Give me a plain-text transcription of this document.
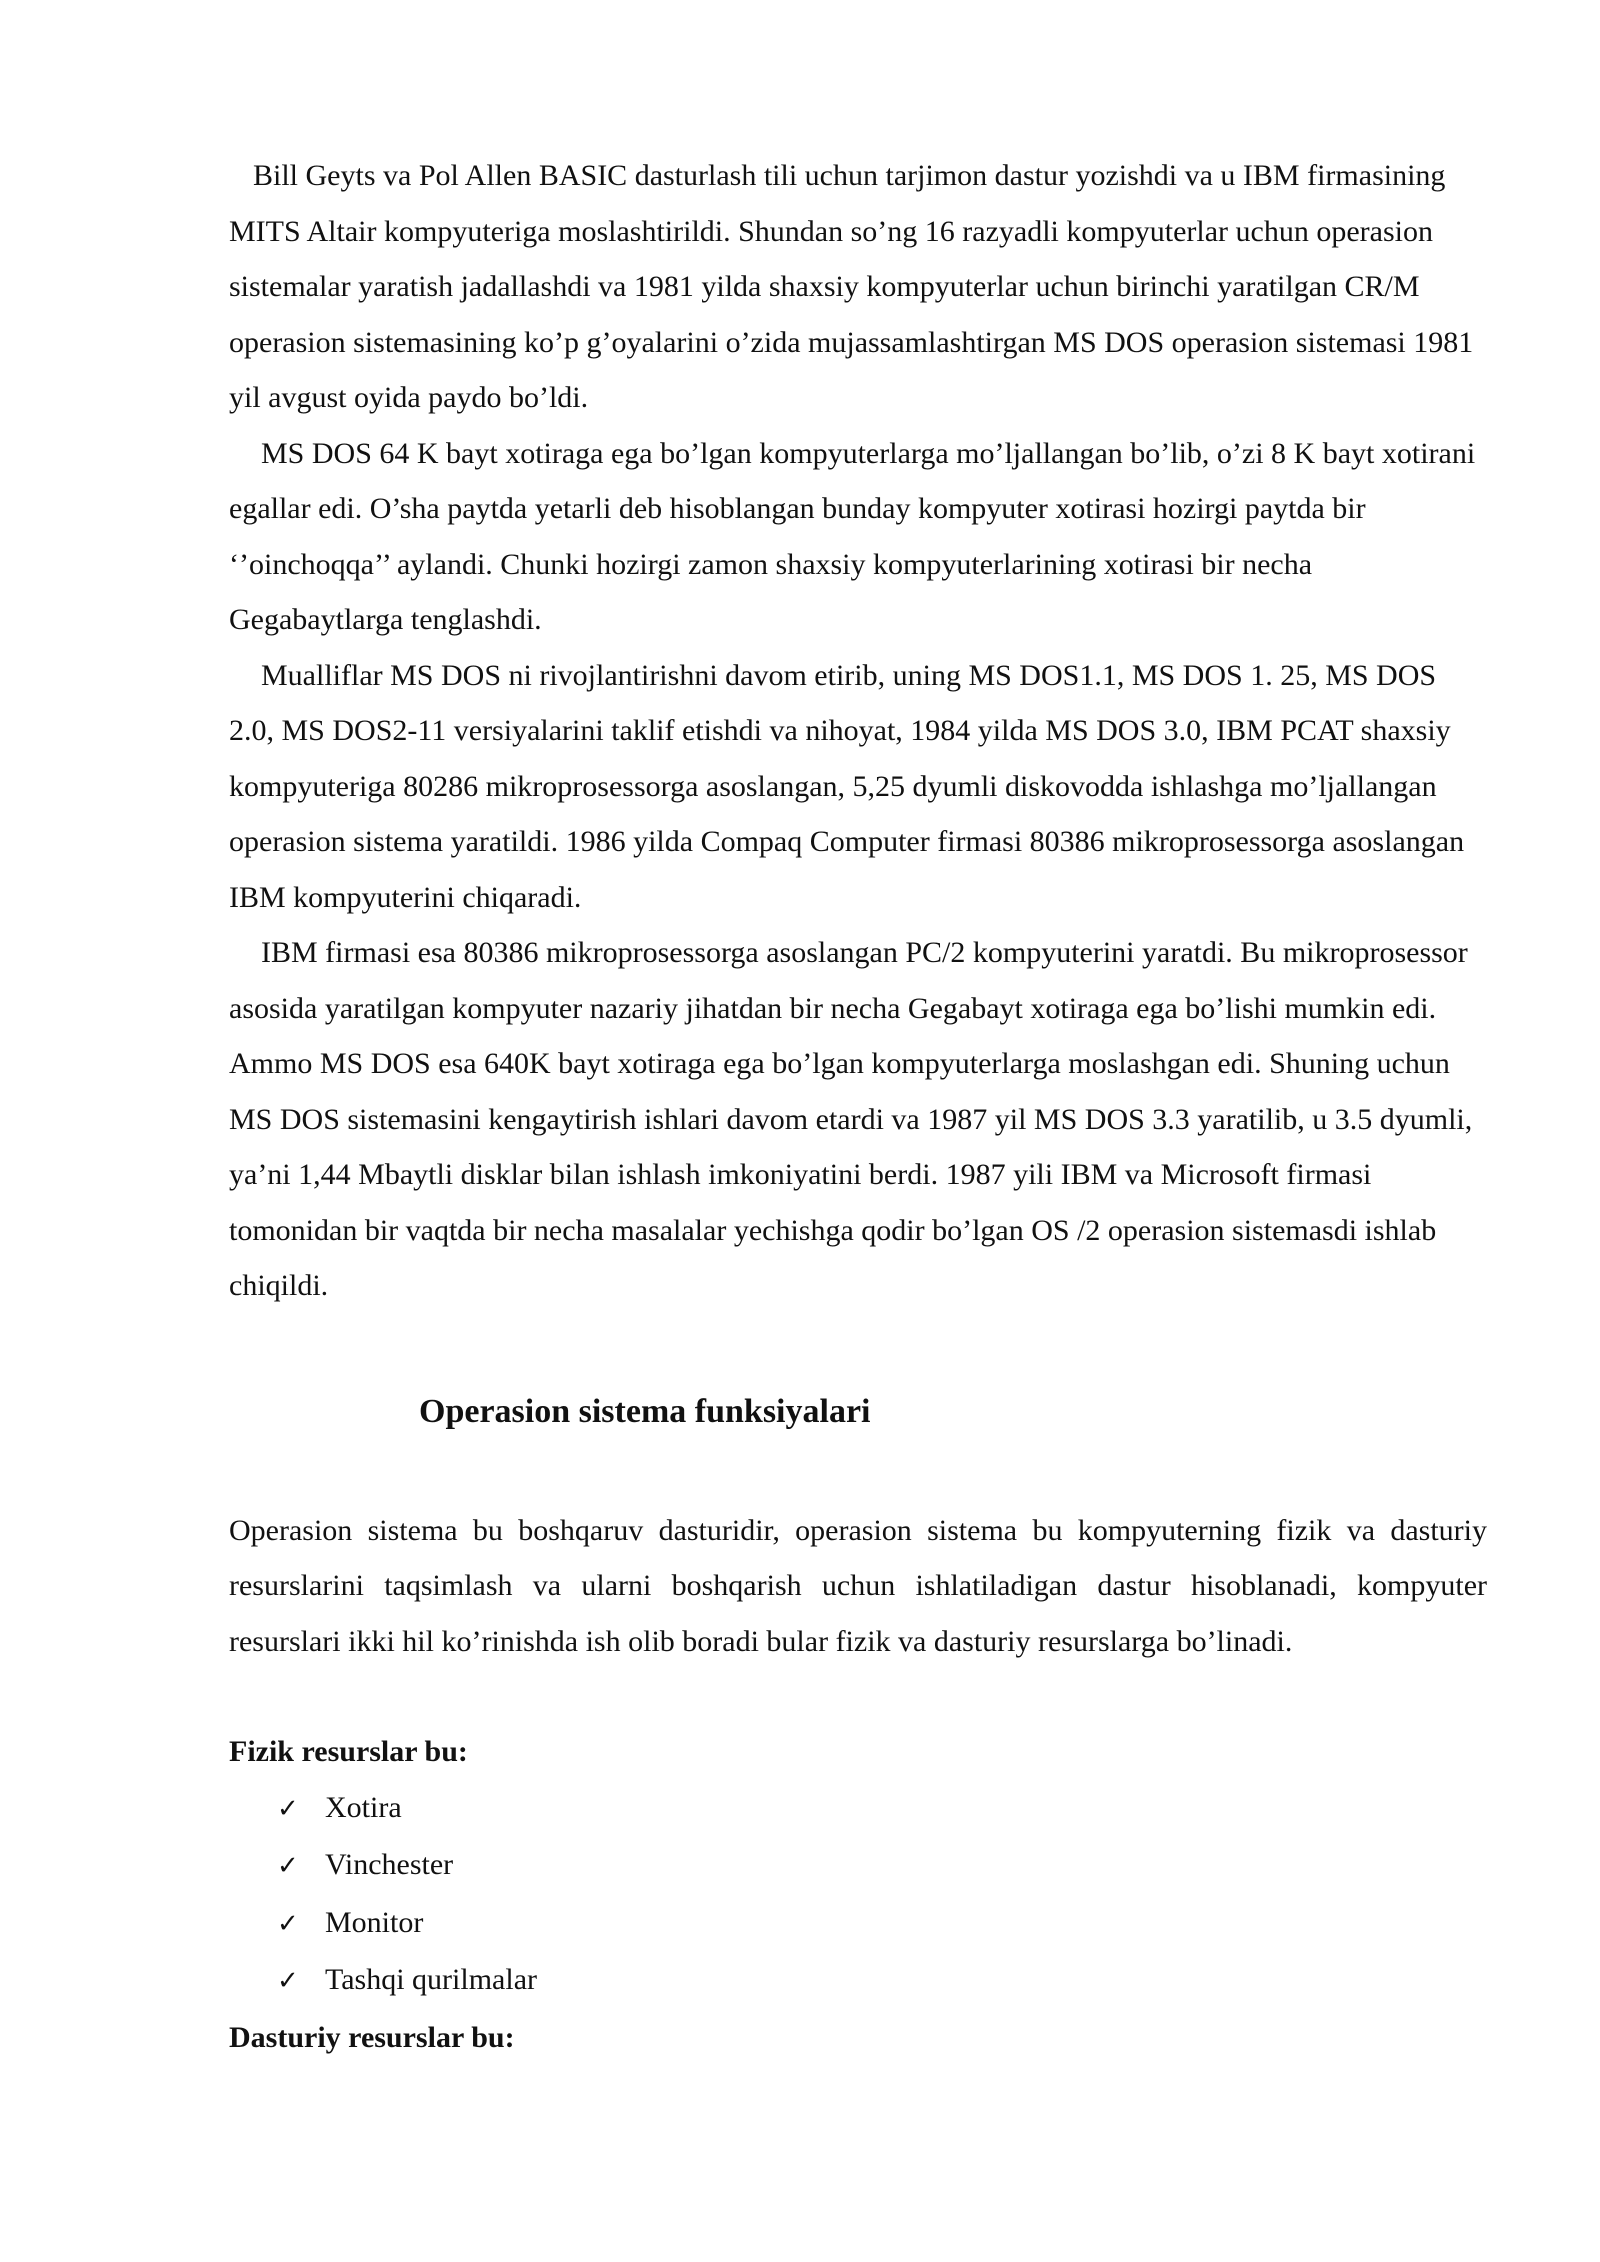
Bill Geyts va Pol Allen BASIC dasturlash tili uchun tarjimon dastur yozishdi va u IBM firmasining MITS Altair kompyuteriga moslashtirildi. Shundan so’ng 16 razyadli kompyuterlar uchun operasion sistemalar yaratish jadallashdi va 1981 yilda shaxsiy kompyuterlar uchun birinchi yaratilgan CR/M operasion sistemasining ko’p g’oyalarini o’zida mujassamlashtirgan MS DOS operasion sistemasi 1981 yil avgust oyida paydo bo’ldi.

MS DOS 64 K bayt xotiraga ega bo’lgan kompyuterlarga mo’ljallangan bo’lib, o’zi 8 K bayt xotirani egallar edi. O’sha paytda yetarli deb hisoblangan bunday kompyuter xotirasi hozirgi paytda bir ‘’oinchoqqa’’ aylandi. Chunki hozirgi zamon shaxsiy kompyuterlarining xotirasi bir necha Gegabaytlarga tenglashdi.

Mualliflar MS DOS ni rivojlantirishni davom etirib, uning MS DOS1.1, MS DOS 1. 25, MS DOS 2.0, MS DOS2-11 versiyalarini taklif etishdi va nihoyat, 1984 yilda MS DOS 3.0, IBM PCAT shaxsiy kompyuteriga 80286 mikroprosessorga asoslangan, 5,25 dyumli diskovodda ishlashga mo’ljallangan operasion sistema yaratildi. 1986 yilda Compaq Computer firmasi 80386 mikroprosessorga asoslangan IBM kompyuterini chiqaradi.

IBM firmasi esa 80386 mikroprosessorga asoslangan PC/2 kompyuterini yaratdi. Bu mikroprosessor asosida yaratilgan kompyuter nazariy jihatdan bir necha Gegabayt xotiraga ega bo’lishi mumkin edi. Ammo MS DOS esa 640K bayt xotiraga ega bo’lgan kompyuterlarga moslashgan edi. Shuning uchun MS DOS sistemasini kengaytirish ishlari davom etardi va 1987 yil MS DOS 3.3 yaratilib, u 3.5 dyumli, ya’ni 1,44 Mbaytli disklar bilan ishlash imkoniyatini berdi. 1987 yili IBM va Microsoft firmasi tomonidan bir vaqtda bir necha masalalar yechishga qodir bo’lgan OS /2 operasion sistemasdi ishlab chiqildi.

Operasion sistema funksiyalari

Operasion sistema bu boshqaruv dasturidir, operasion sistema bu kompyuterning fizik va dasturiy resurslarini taqsimlash va ularni boshqarish uchun ishlatiladigan dastur hisoblanadi, kompyuter resurslari ikki hil ko’rinishda ish olib boradi bular fizik va dasturiy resurslarga bo’linadi.

Fizik resurslar bu:
✓ Xotira
✓ Vinchester
✓ Monitor
✓ Tashqi qurilmalar
Dasturiy resurslar bu:
